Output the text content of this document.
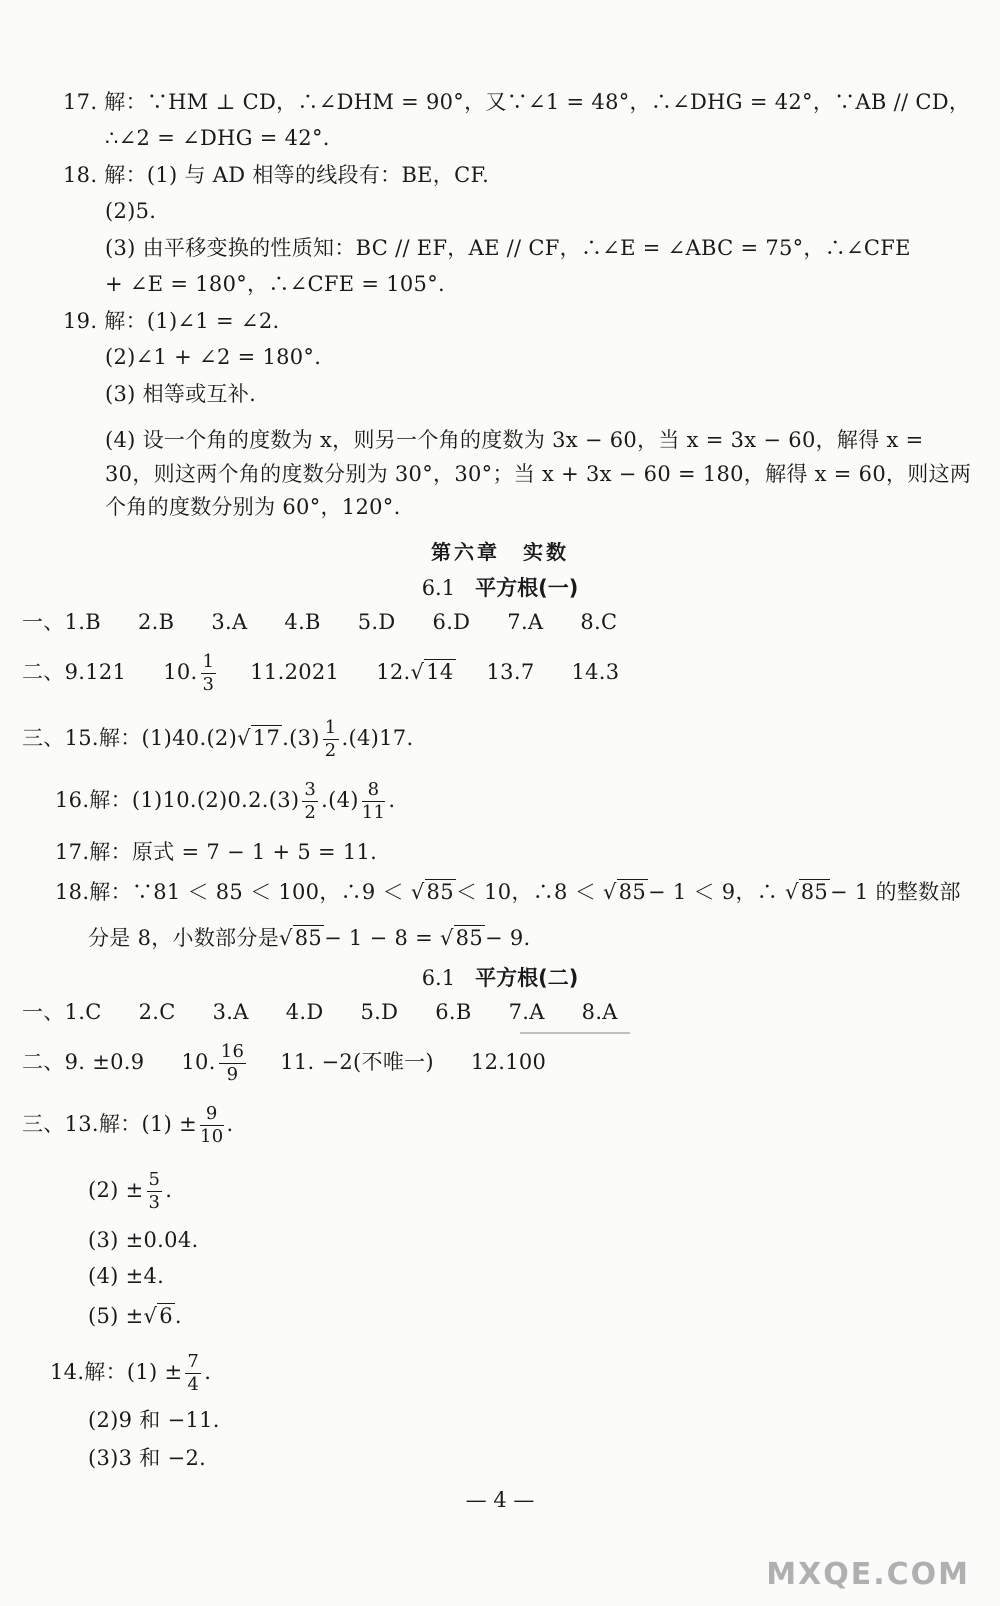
17. 解：∵HM ⊥ CD，∴∠DHM = 90°，又∵∠1 = 48°，∴∠DHG = 42°，∵AB // CD，
∴∠2 = ∠DHG = 42°.
18. 解：(1) 与 AD 相等的线段有：BE，CF.
(2)5.
(3) 由平移变换的性质知：BC // EF，AE // CF，∴∠E = ∠ABC = 75°，∴∠CFE
+ ∠E = 180°，∴∠CFE = 105°.
19. 解：(1)∠1 = ∠2.
(2)∠1 + ∠2 = 180°.
(3) 相等或互补.
(4) 设一个角的度数为 x，则另一个角的度数为 3x − 60，当 x = 3x − 60，解得 x =
30，则这两个角的度数分别为 30°，30°；当 x + 3x − 60 = 180，解得 x = 60，则这两
个角的度数分别为 60°，120°.
第六章　实数
6.1 平方根(一)
一、1.B 2.B 3.A 4.B 5.D 6.D 7.A 8.C
二、9.121 10. $\frac{1}{3} 11.2021$ 12.√14 13.7 14.3
三、15.解：$(1)40.(2)√17.(3) \frac{1}{2} .(4)17$.
16.解：$(1)10.(2)0.2.(3) \frac{3}{2} .(4) \frac{8}{11}$ .
17.解：原式 = 7 − 1 + 5 = 11.
18.解：∵81 ＜ 85 ＜ 100，∴9 ＜ √85＜ 10，∴8 ＜ √85− 1 ＜ 9，∴ √85− 1 的整数部
分是 8，小数部分是√85− 1 − 8 = √85− 9.
6.1 平方根(二)
一、1.C 2.C 3.A 4.D 5.D 6.B 7.A 8.A
二、9. ±0.9 10. $\frac{16}{9} 11$. −2(不唯一) 12.100
三、13.解：$(1) \pm \frac{9}{10}$ .
$(2) \pm \frac{5}{3}$ .
(3) ±0.04.
(4) ±4.
(5) ±√6.
14.解：$(1) \pm \frac{7}{4}$ .
(2)9 和 −11.
(3)3 和 −2.
— 4 —
MXQE.COM
